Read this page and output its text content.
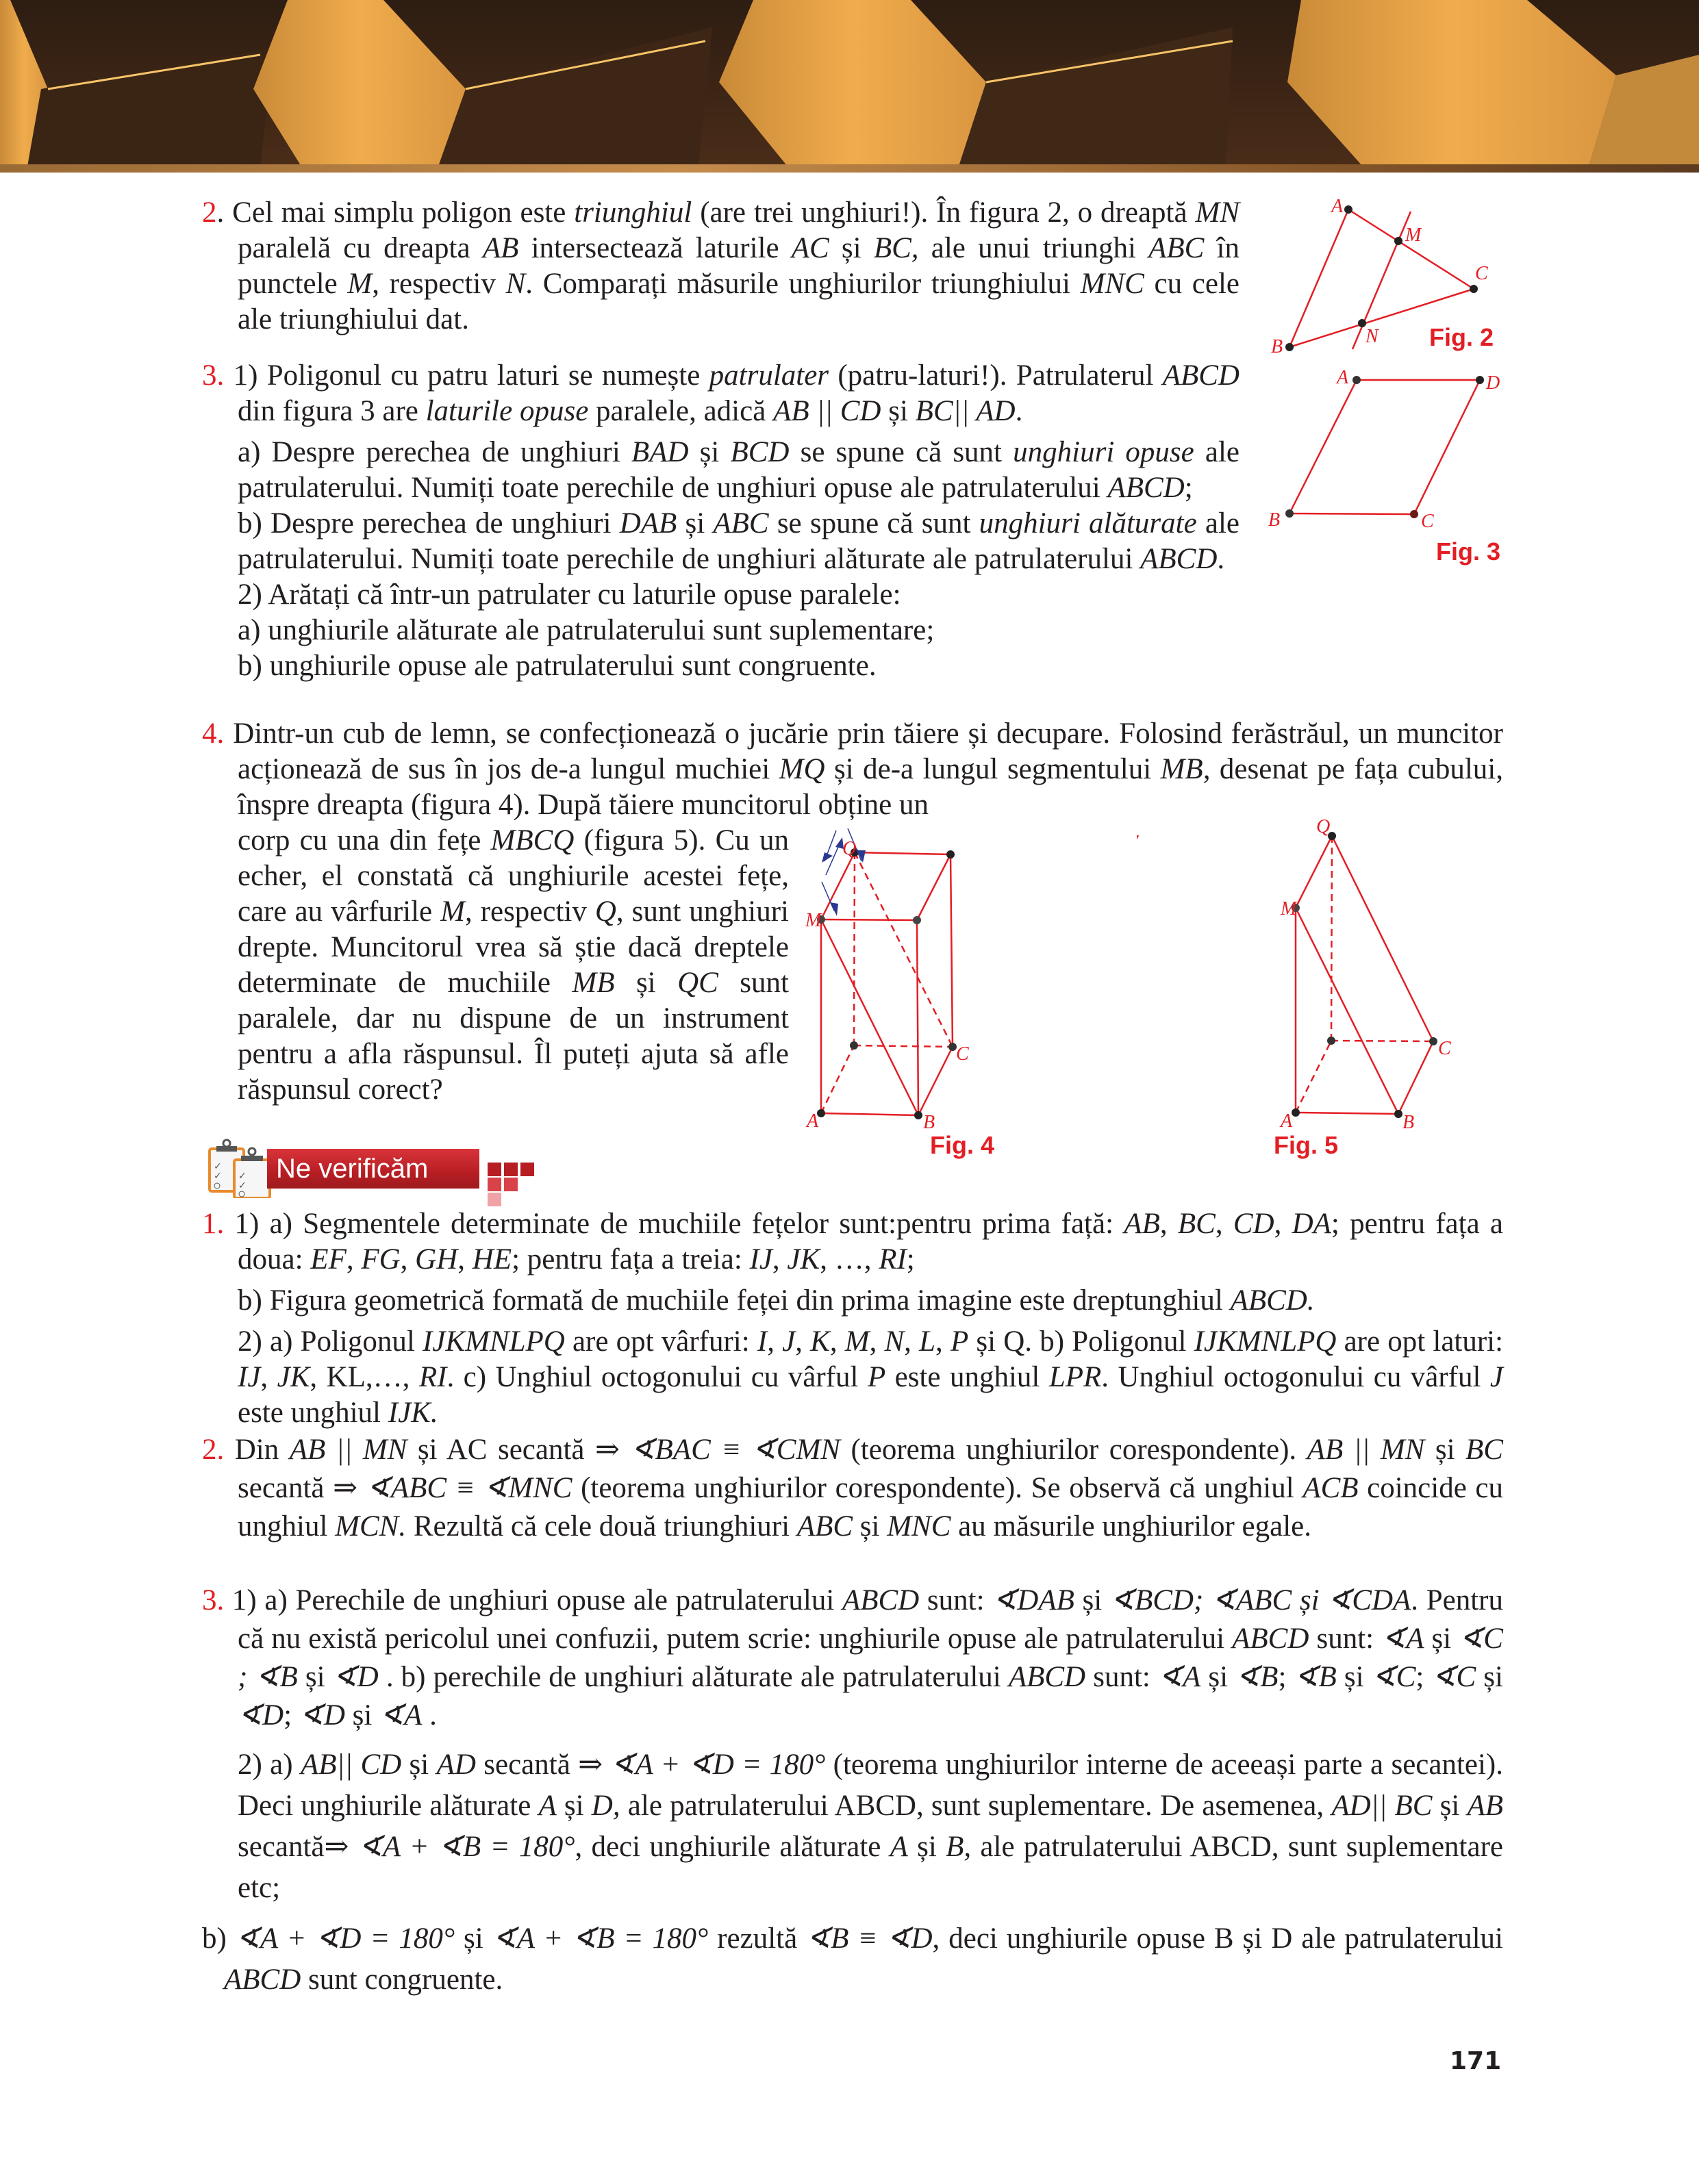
2. Cel mai simplu poligon este triunghiul (are trei unghiuri!). În figura 2, o dreaptă MN paralelă cu dreapta AB intersectează laturile AC și BC, ale unui triunghi ABC în punctele M, respectiv N. Comparați măsurile unghiurilor triunghiului MNC cu cele ale triunghiului dat.

A
M
C
B	N Fig. 2

3. 1) Poligonul cu patru laturi se numește patrulater (patru-laturi!). Patrulaterul ABCD din figura 3 are laturile opuse paralele, adică AB || CD și BC|| AD.

a) Despre perechea de unghiuri BAD și BCD se spune că sunt unghiuri opuse ale patrulaterului. Numiți toate perechile de unghiuri opuse ale patrulaterului ABCD;

b) Despre perechea de unghiuri DAB și ABC se spune că sunt unghiuri alăturate ale patrulaterului. Numiți toate perechile de unghiuri alăturate ale patrulaterului ABCD.

2) Arătați că într-un patrulater cu laturile opuse paralele:

a) unghiurile alăturate ale patrulaterului sunt suplementare;

b) unghiurile opuse ale patrulaterului sunt congruente.

A	D
B	C
Fig. 3

4. Dintr-un cub de lemn, se confecționează o jucărie prin tăiere și decupare. Folosind ferăstrăul, un muncitor acționează de sus în jos de-a lungul muchiei MQ și de-a lungul segmentului MB, desenat pe fața cubului, înspre dreapta (figura 4). După tăiere muncitorul obține un

corp cu una din fețe MBCQ (figura 5). Cu un echer, el constată că unghiurile acestei fețe, care au vârfurile M, respectiv Q, sunt unghiuri drepte. Muncitorul vrea să știe dacă dreptele determinate de muchiile MB și QC sunt paralele, dar nu dispune de un instrument pentru a afla răspunsul. Îl puteți ajuta să afle răspunsul corect?

Q
M
C
A	B
Fig. 4
Q
M
C
A	B
Fig. 5
✓
✓ ✓
✓
Ne verificăm

1. 1) a) Segmentele determinate de muchiile fețelor sunt:pentru prima față: AB, BC, CD, DA; pentru fața a doua: EF, FG, GH, HE; pentru fața a treia: IJ, JK, …, RI;

b) Figura geometrică formată de muchiile feței din prima imagine este dreptunghiul ABCD.

2) a) Poligonul IJKMNLPQ are opt vârfuri: I, J, K, M, N, L, P și Q. b) Poligonul IJKMNLPQ are opt laturi: IJ, JK, KL,…, RI. c) Unghiul octogonului cu vârful P este unghiul LPR. Unghiul octogonului cu vârful J este unghiul IJK.

2. Din AB || MN și AC secantă ⇒ ∢BAC ≡ ∢CMN (teorema unghiurilor corespondente). AB || MN și BC secantă ⇒ ∢ABC ≡ ∢MNC (teorema unghiurilor corespondente). Se observă că unghiul ACB coincide cu unghiul MCN. Rezultă că cele două triunghiuri ABC și MNC au măsurile unghiurilor egale.

3. 1) a) Perechile de unghiuri opuse ale patrulaterului ABCD sunt: ∢DAB și ∢BCD; ∢ABC și ∢CDA. Pentru că nu există pericolul unei confuzii, putem scrie: unghiurile opuse ale patrulaterului ABCD sunt: ∢A și ∢C ; ∢B și ∢D . b) perechile de unghiuri alăturate ale patrulaterului ABCD sunt: ∢A și ∢B; ∢B și ∢C; ∢C și ∢D; ∢D și ∢A .

2) a) AB|| CD și AD secantă ⇒ ∢A + ∢D = 180° (teorema unghiurilor interne de aceeași parte a secantei). Deci unghiurile alăturate A și D, ale patrulaterului ABCD, sunt suplementare. De asemenea, AD|| BC și AB secantă⇒ ∢A + ∢B = 180°, deci unghiurile alăturate A și B, ale patrulaterului ABCD, sunt suplementare etc;

b) ∢A + ∢D = 180° și ∢A + ∢B = 180° rezultă ∢B ≡ ∢D, deci unghiurile opuse B și D ale patrulaterului ABCD sunt congruente.

171
